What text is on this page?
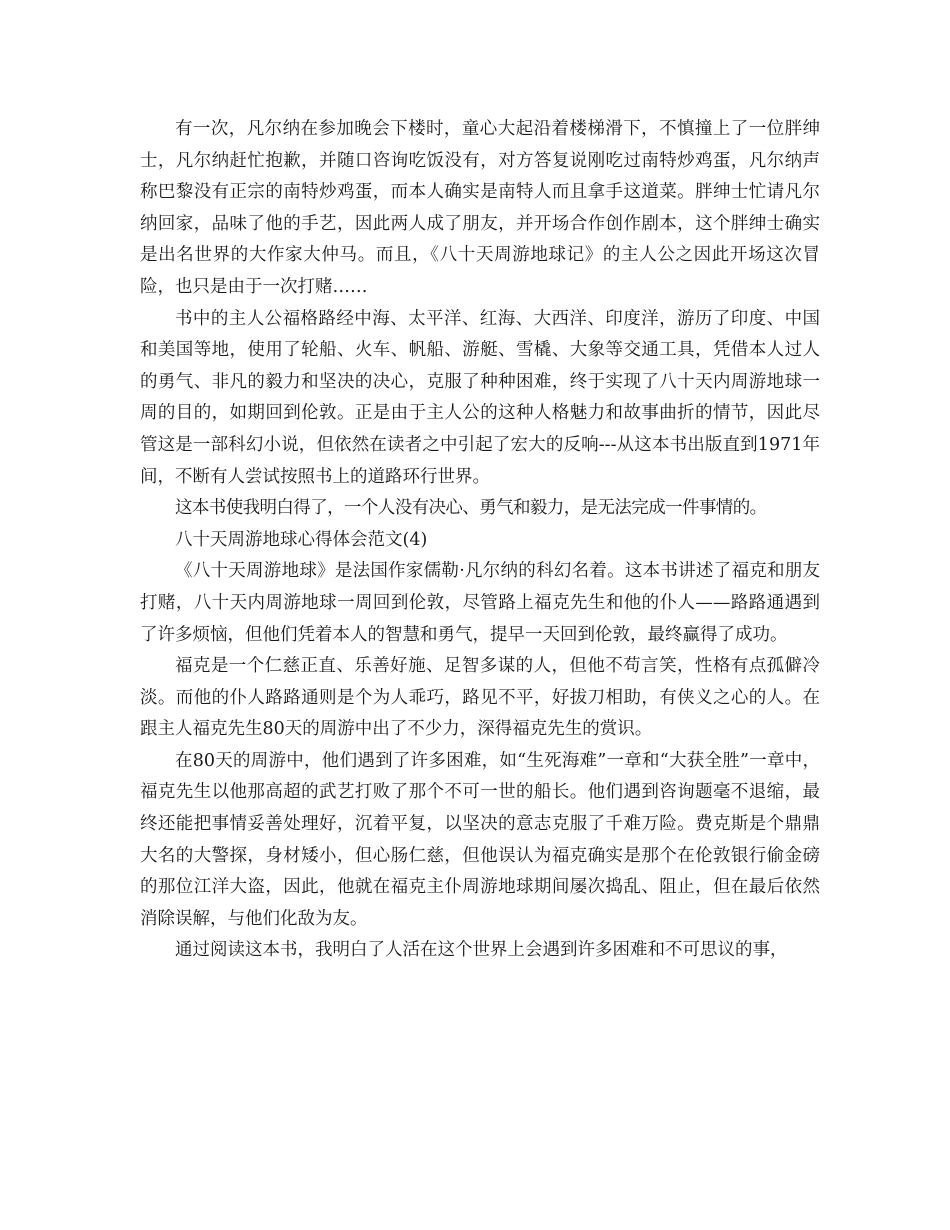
有一次，凡尔纳在参加晚会下楼时，童心大起沿着楼梯滑下，不慎撞上了一位胖绅士，凡尔纳赶忙抱歉，并随口咨询吃饭没有，对方答复说刚吃过南特炒鸡蛋，凡尔纳声称巴黎没有正宗的南特炒鸡蛋，而本人确实是南特人而且拿手这道菜。胖绅士忙请凡尔纳回家，品味了他的手艺，因此两人成了朋友，并开场合作创作剧本，这个胖绅士确实是出名世界的大作家大仲马。而且，《八十天周游地球记》的主人公之因此开场这次冒险，也只是由于一次打赌……

书中的主人公福格路经中海、太平洋、红海、大西洋、印度洋，游历了印度、中国和美国等地，使用了轮船、火车、帆船、游艇、雪橇、大象等交通工具，凭借本人过人的勇气、非凡的毅力和坚决的决心，克服了种种困难，终于实现了八十天内周游地球一周的目的，如期回到伦敦。正是由于主人公的这种人格魅力和故事曲折的情节，因此尽管这是一部科幻小说，但依然在读者之中引起了宏大的反响---从这本书出版直到1971年间，不断有人尝试按照书上的道路环行世界。

这本书使我明白得了，一个人没有决心、勇气和毅力，是无法完成一件事情的。

八十天周游地球心得体会范文(4)

《八十天周游地球》是法国作家儒勒·凡尔纳的科幻名着。这本书讲述了福克和朋友打赌，八十天内周游地球一周回到伦敦，尽管路上福克先生和他的仆人——路路通遇到了许多烦恼，但他们凭着本人的智慧和勇气，提早一天回到伦敦，最终赢得了成功。

福克是一个仁慈正直、乐善好施、足智多谋的人，但他不苟言笑，性格有点孤僻冷淡。而他的仆人路路通则是个为人乖巧，路见不平，好拔刀相助，有侠义之心的人。在跟主人福克先生80天的周游中出了不少力，深得福克先生的赏识。

在80天的周游中，他们遇到了许多困难，如“生死海难”一章和“大获全胜”一章中，福克先生以他那高超的武艺打败了那个不可一世的船长。他们遇到咨询题毫不退缩，最终还能把事情妥善处理好，沉着平复，以坚决的意志克服了千难万险。费克斯是个鼎鼎大名的大警探，身材矮小，但心肠仁慈，但他误认为福克确实是那个在伦敦银行偷金磅的那位江洋大盗，因此，他就在福克主仆周游地球期间屡次捣乱、阻止，但在最后依然消除误解，与他们化敌为友。

通过阅读这本书，我明白了人活在这个世界上会遇到许多困难和不可思议的事，
